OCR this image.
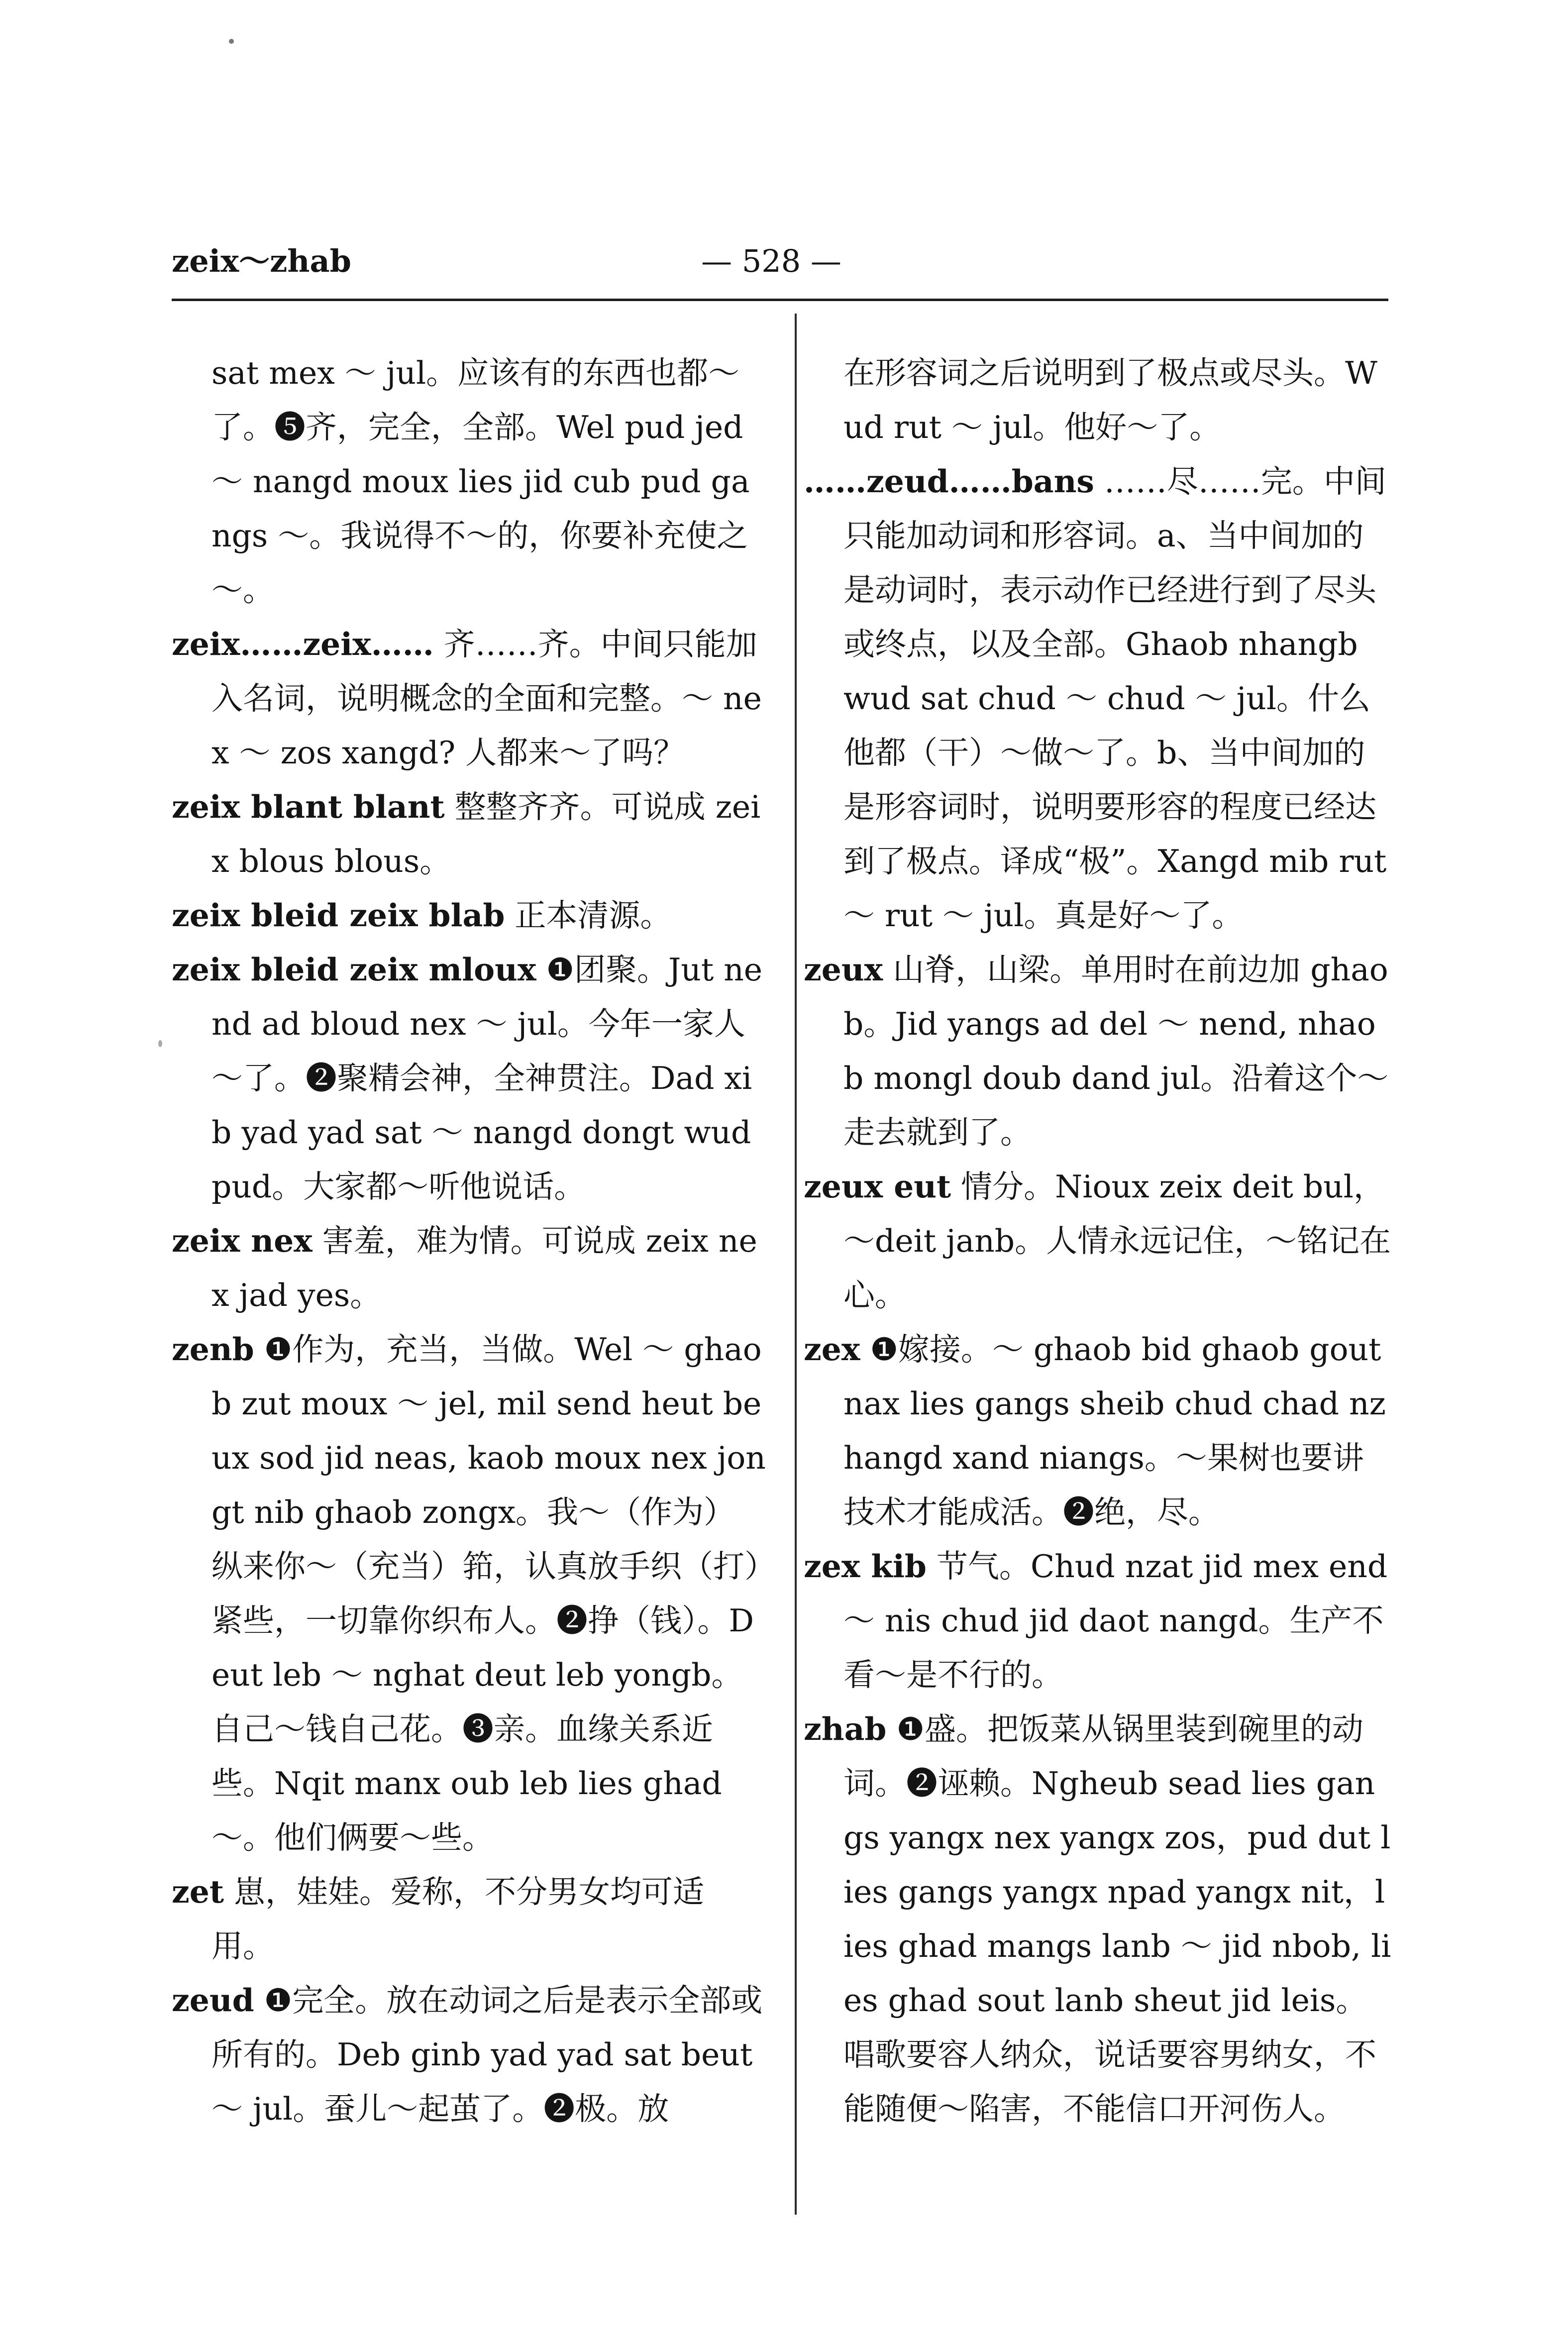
zeix～zhab	— 528 —

sat mex ～ jul。应该有的东西也都～了。❺齐，完全，全部。Wel pud jed ～ nangd moux lies jid cub pud gangs ～。我说得不～的，你要补充使之～。

zeix……zeix…… 齐……齐。中间只能加入名词，说明概念的全面和完整。～ nex ～ zos xangd? 人都来～了吗？

zeix blant blant 整整齐齐。可说成 zeix blous blous。

zeix bleid zeix blab 正本清源。

zeix bleid zeix mloux ❶团聚。Jut nend ad bloud nex ～ jul。今年一家人～了。❷聚精会神，全神贯注。Dad xib yad yad sat ～ nangd dongt wud pud。大家都～听他说话。

zeix nex 害羞，难为情。可说成 zeix nex jad yes。

zenb ❶作为，充当，当做。Wel ～ ghaob zut moux ～ jel, mil send heut beux sod jid neas, kaob moux nex jongt nib ghaob zongx。我～（作为）纵来你～（充当）筘，认真放手织（打）紧些，一切靠你织布人。❷挣（钱）。Deut leb ～ nghat deut leb yongb。自己～钱自己花。❸亲。血缘关系近些。Nqit manx oub leb lies ghad ～。他们俩要～些。

zet 崽，娃娃。爱称，不分男女均可适用。

zeud ❶完全。放在动词之后是表示全部或所有的。Deb ginb yad yad sat beut ～ jul。蚕儿～起茧了。❷极。放

在形容词之后说明到了极点或尽头。Wud rut ～ jul。他好～了。

……zeud……bans ……尽……完。中间只能加动词和形容词。a、当中间加的是动词时，表示动作已经进行到了尽头或终点，以及全部。Ghaob nhangb wud sat chud ～ chud ～ jul。什么他都（干）～做～了。b、当中间加的是形容词时，说明要形容的程度已经达到了极点。译成“极”。Xangd mib rut ～ rut ～ jul。真是好～了。

zeux 山脊，山梁。单用时在前边加 ghaob。Jid yangs ad del ～ nend, nhaob mongl doub dand jul。沿着这个～走去就到了。

zeux eut 情分。Nioux zeix deit bul，～deit janb。人情永远记住，～铭记在心。

zex ❶嫁接。～ ghaob bid ghaob gout nax lies gangs sheib chud chad nzhangd xand niangs。～果树也要讲技术才能成活。❷绝，尽。

zex kib 节气。Chud nzat jid mex end ～ nis chud jid daot nangd。生产不看～是不行的。

zhab ❶盛。把饭菜从锅里装到碗里的动词。❷诬赖。Ngheub sead lies gangs yangx nex yangx zos，pud dut lies gangs yangx npad yangx nit，lies ghad mangs lanb ～ jid nbob, lies ghad sout lanb sheut jid leis。唱歌要容人纳众，说话要容男纳女，不能随便～陷害，不能信口开河伤人。
